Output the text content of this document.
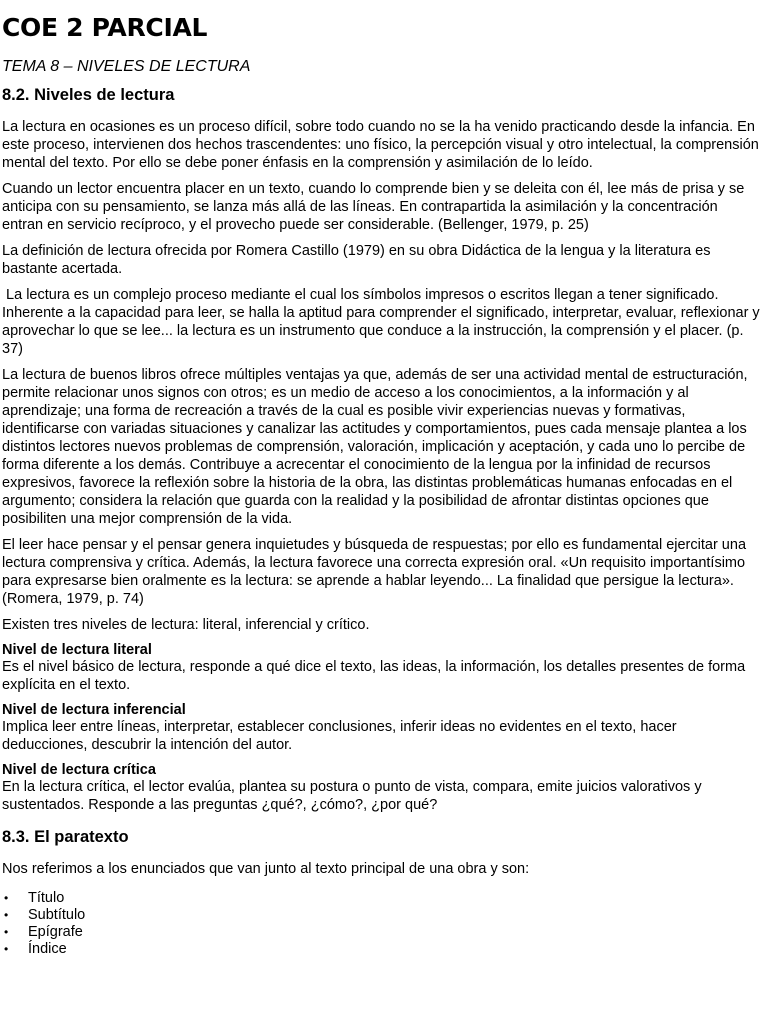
COE 2 PARCIAL
TEMA 8 – NIVELES DE LECTURA
8.2. Niveles de lectura

La lectura en ocasiones es un proceso difícil, sobre todo cuando no se la ha venido practicando desde la infancia. En este proceso, intervienen dos hechos trascendentes: uno físico, la percepción visual y otro intelectual, la comprensión mental del texto. Por ello se debe poner énfasis en la comprensión y asimilación de lo leído.

Cuando un lector encuentra placer en un texto, cuando lo comprende bien y se deleita con él, lee más de prisa y se anticipa con su pensamiento, se lanza más allá de las líneas. En contrapartida la asimilación y la concentración entran en servicio recíproco, y el provecho puede ser considerable. (Bellenger, 1979, p. 25)

La definición de lectura ofrecida por Romera Castillo (1979) en su obra Didáctica de la lengua y la literatura es bastante acertada.

La lectura es un complejo proceso mediante el cual los símbolos impresos o escritos llegan a tener significado. Inherente a la capacidad para leer, se halla la aptitud para comprender el significado, interpretar, evaluar, reflexionar y aprovechar lo que se lee... la lectura es un instrumento que conduce a la instrucción, la comprensión y el placer. (p. 37)

La lectura de buenos libros ofrece múltiples ventajas ya que, además de ser una actividad mental de estructuración, permite relacionar unos signos con otros; es un medio de acceso a los conocimientos, a la información y al aprendizaje; una forma de recreación a través de la cual es posible vivir experiencias nuevas y formativas, identificarse con variadas situaciones y canalizar las actitudes y comportamientos, pues cada mensaje plantea a los distintos lectores nuevos problemas de comprensión, valoración, implicación y aceptación, y cada uno lo percibe de forma diferente a los demás. Contribuye a acrecentar el conocimiento de la lengua por la infinidad de recursos expresivos, favorece la reflexión sobre la historia de la obra, las distintas problemáticas humanas enfocadas en el argumento; considera la relación que guarda con la realidad y la posibilidad de afrontar distintas opciones que posibiliten una mejor comprensión de la vida.

El leer hace pensar y el pensar genera inquietudes y búsqueda de respuestas; por ello es fundamental ejercitar una lectura comprensiva y crítica. Además, la lectura favorece una correcta expresión oral. «Un requisito importantísimo para expresarse bien oralmente es la lectura: se aprende a hablar leyendo... La finalidad que persigue la lectura». (Romera, 1979, p. 74)

Existen tres niveles de lectura: literal, inferencial y crítico.

Nivel de lectura literal

Es el nivel básico de lectura, responde a qué dice el texto, las ideas, la información, los detalles presentes de forma explícita en el texto.

Nivel de lectura inferencial

Implica leer entre líneas, interpretar, establecer conclusiones, inferir ideas no evidentes en el texto, hacer deducciones, descubrir la intención del autor.

Nivel de lectura crítica

En la lectura crítica, el lector evalúa, plantea su postura o punto de vista, compara, emite juicios valorativos y sustentados. Responde a las preguntas ¿qué?, ¿cómo?, ¿por qué?

8.3. El paratexto

Nos referimos a los enunciados que van junto al texto principal de una obra y son:

• Título
• Subtítulo
• Epígrafe
• Índice
